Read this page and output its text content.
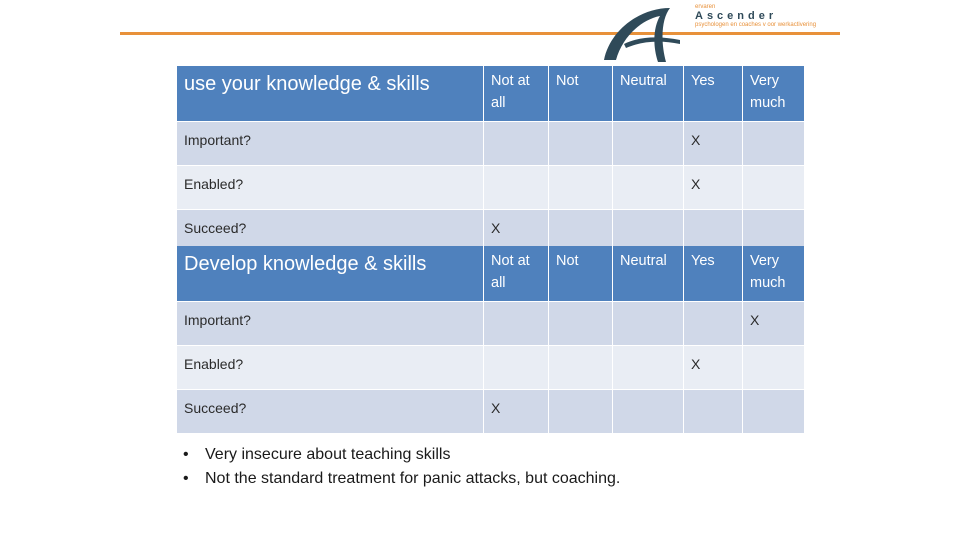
ervaren
Ascender
psychologen en coaches v oor werkactivering
use your knowledge & skills	Not at all	Not	Neutral	Yes	Very much
Important?				X	
Enabled?				X	
Succeed?	X				
Develop knowledge & skills	Not at all	Not	Neutral	Yes	Very much
Important?					X
Enabled?				X	
Succeed?	X				
• Very insecure about teaching skills
• Not the standard treatment for panic attacks, but coaching.
